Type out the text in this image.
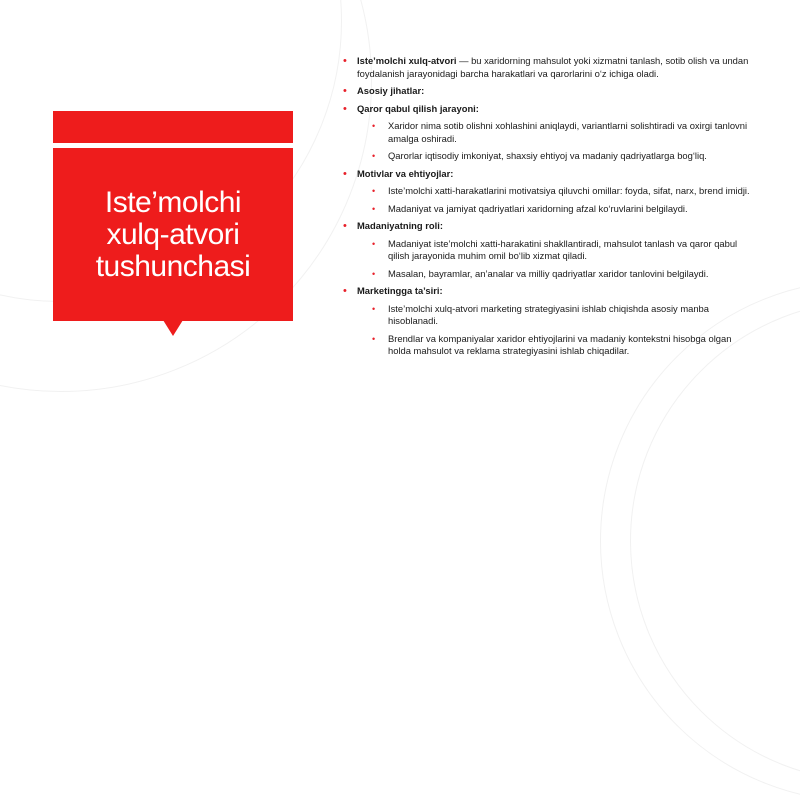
Iste’molchi
xulq-atvori
tushunchasi
• Iste’molchi xulq-atvori — bu xaridorning mahsulot yoki xizmatni tanlash, sotib olish va undan foydalanish jarayonidagi barcha harakatlari va qarorlarini o‘z ichiga oladi.
• Asosiy jihatlar:
• Qaror qabul qilish jarayoni:
• Xaridor nima sotib olishni xohlashini aniqlaydi, variantlarni solishtiradi va oxirgi tanlovni amalga oshiradi.
• Qarorlar iqtisodiy imkoniyat, shaxsiy ehtiyoj va madaniy qadriyatlarga bog‘liq.
• Motivlar va ehtiyojlar:
• Iste’molchi xatti-harakatlarini motivatsiya qiluvchi omillar: foyda, sifat, narx, brend imidji.
• Madaniyat va jamiyat qadriyatlari xaridorning afzal ko‘ruvlarini belgilaydi.
• Madaniyatning roli:
• Madaniyat iste’molchi xatti-harakatini shakllantiradi, mahsulot tanlash va qaror qabul qilish jarayonida muhim omil bo‘lib xizmat qiladi.
• Masalan, bayramlar, an’analar va milliy qadriyatlar xaridor tanlovini belgilaydi.
• Marketingga ta’siri:
• Iste’molchi xulq-atvori marketing strategiyasini ishlab chiqishda asosiy manba hisoblanadi.
• Brendlar va kompaniyalar xaridor ehtiyojlarini va madaniy kontekstni hisobga olgan holda mahsulot va reklama strategiyasini ishlab chiqadilar.
